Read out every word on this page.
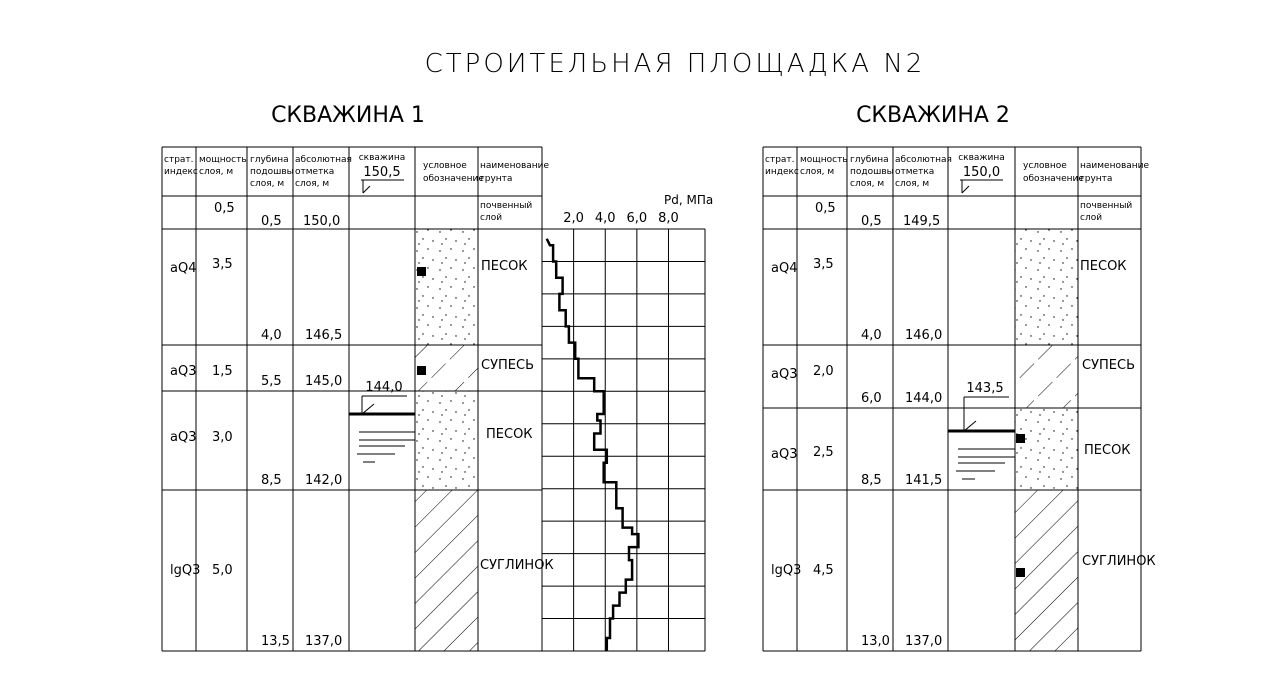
СТРОИТЕЛЬНАЯ ПЛОЩАДКА N2
СКВАЖИНА 1
страт.
индекс
мощность
слоя, м
глубина
подошвы
слоя, м
абсолютная
отметка
слоя, м
скважина
150,5 условное
обозначение
наименование
грунта
0,5
0,5 150,0
почвенный
слой
aQ4 3,5
4,0 146,5
ПЕСОК
aQ3 1,5
5,5 145,0
СУПЕСЬ
aQ3 3,0
8,5 142,0
ПЕСОК
lgQ3 5,0
13,5 137,0
СУГЛИНОК
144,0
2,0 4,0 6,0 8,0
Pd, МПа
СКВАЖИНА 2
страт.
индекс
мощность
слоя, м
глубина
подошвы
слоя, м
абсолютная
отметка
слоя, м
скважина
150,0	условное
обозначение
наименование
грунта
0,5
0,5 149,5
почвенный
слой
aQ4 3,5
4,0 146,0
ПЕСОК
aQ3 2,0
6,0 144,0
СУПЕСЬ
aQ3 2,5
8,5 141,5
ПЕСОК
lgQ3 4,5
13,0 137,0
СУГЛИНОК
143,5
